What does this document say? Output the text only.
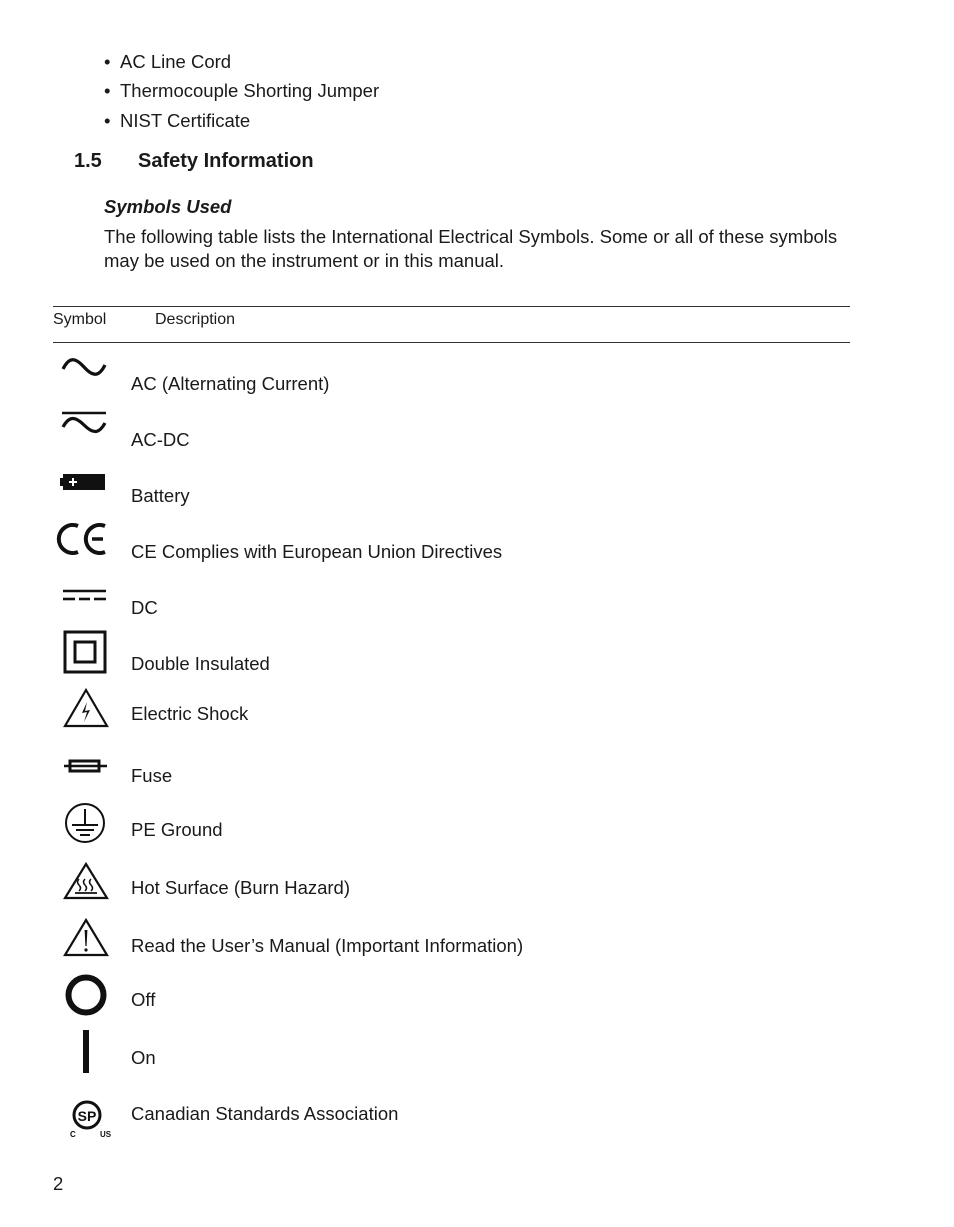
• AC Line Cord
• Thermocouple Shorting Jumper
• NIST Certificate
1.5 Safety Information
Symbols Used

The following table lists the International Electrical Symbols. Some or all of these symbols may be used on the instrument or in this manual.

Symbol	Description
AC (Alternating Current)
AC-DC
Battery
CE Complies with European Union Directives
DC
Double Insulated
Electric Shock
Fuse
PE Ground
Hot Surface (Burn Hazard)
Read the User’s Manual (Important Information)
Off
On
SP
C	US
Canadian Standards Association
2
